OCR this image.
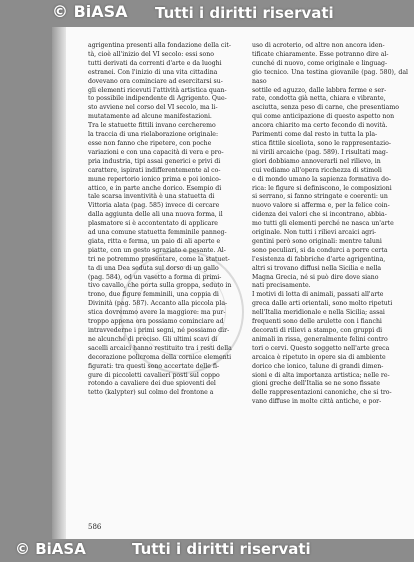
© BiASA Tutti i diritti riservati

agrigentina presenti alla fondazione della cit-

tà, cioè all'inizio del VI secolo: essi sono

tutti derivati da correnti d'arte e da luoghi

estranei. Con l'inizio di una vita cittadina

dovevano ora cominciare ad esercitarsi su-

gli elementi ricevuti l'attività artistica quan-

to possibile indipendente di Agrigento. Que-

sto avviene nel corso del VI secolo, ma li-

mutatamente ad alcune manifestazioni.

Tra le statuette fittili invano cercheremo

la traccia di una rielaborazione originale:

esse non fanno che ripetere, con poche

variazioni e con una capacità di vera e pro-

pria industria, tipi assai generici e privi di

carattere, ispirati indifferentemente al co-

mune repertorio ionico prima e poi ionico-

attico, e in parte anche dorico. Esempio di

tale scarsa inventività è una statuetta di

Vittoria alata (pag. 585) invece di cercare

dalla aggiunta delle ali una nuova forma, il

plasmatore si è accontentato di applicare

ad una comune statuetta femminile panneg-

giata, ritta e ferma, un paio di ali aperte e

piatte, con un gesto sgraziato e pesante. Al-

tri ne potremmo presentare, come la statuet-

ta di una Dea seduta sul dorso di un gallo

(pag. 584), od un vasetto a forma di primi-

tivo cavallo, che porta sulla groppa, seduto in

trono, due figure femminili, una coppia di

Divinità (pag. 587). Accanto alla piccola pla-

stica dovremmo avere la maggiore: ma pur-

troppo appena ora possiamo cominciare ad

intravvederne i primi segni, né possiamo dir-

ne alcunché di preciso. Gli ultimi scavi di

sacelli arcaici hanno restituito tra i resti della

decorazione policroma della cornice elementi

figurati: tra questi sono accertate delle fi-

gure di piccoletti cavalieri posti sul coppo

rotondo a cavaliere dei due spioventi del

tetto (kalypter) sul colmo del frontone a

uso di acroterio, od altre non ancora iden-

tificate chiaramente. Esse potranno dire al-

cunché di nuovo, come originale e linguag-

gio tecnico. Una testina giovanile (pag. 580), dal naso

sottile ed aguzzo, dalle labbra ferme e ser-

rate, condotta già netta, chiara e vibrante,

asciutta, senza peso di carne, che presentiamo

qui come anticipazione di questo aspetto non

ancora chiarito ma certo fecondo di novità.

Parimenti come dal resto in tutta la pla-

stica fittile siceliota, sono le rappresentazio-

ni virili arcaiche (pag. 589). I risultati mag-

giori dobbiamo annoverarli nel rilievo, in

cui vediamo all'opera ricchezza di stimoli

e di mondo umano la sapienza formativa do-

rica: le figure si definiscono, le composizioni

si serrano, si fanno stringate e coerenti: un

nuovo valore si afferma e, per la felice coin-

cidenza dei valori che si incontrano, abbia-

mo tutti gli elementi perché ne nasca un'arte

originale. Non tutti i rilievi arcaici agri-

gentini però sono originali: mentre taluni

sono peculiari, si da condurci a porre certa

l'esistenza di fabbriche d'arte agrigentina,

altri si trovano diffusi nella Sicilia e nella

Magna Grecia, né si può dire dove siano

nati precisamente.

I motivi di lotta di animali, passati all'arte

greca dalle arti orientali, sono molto ripetuti

nell'Italia meridionale e nella Sicilia; assai

frequenti sono delle arulette con i fianchi

decorati di rilievi a stampo, con gruppi di

animali in rissa, generalmente felini contro

tori o cervi. Questo soggetto nell'arte greca

arcaica è ripetuto in opere sia di ambiente

dorico che ionico, talune di grandi dimen-

sioni e di alta importanza artistica; nelle re-

gioni greche dell'Italia se ne sono fissate

delle rappresentazioni canoniche, che si tro-

vano diffuse in molte città antiche, e por-

586
© BiASA	Tutti i diritti riservati
